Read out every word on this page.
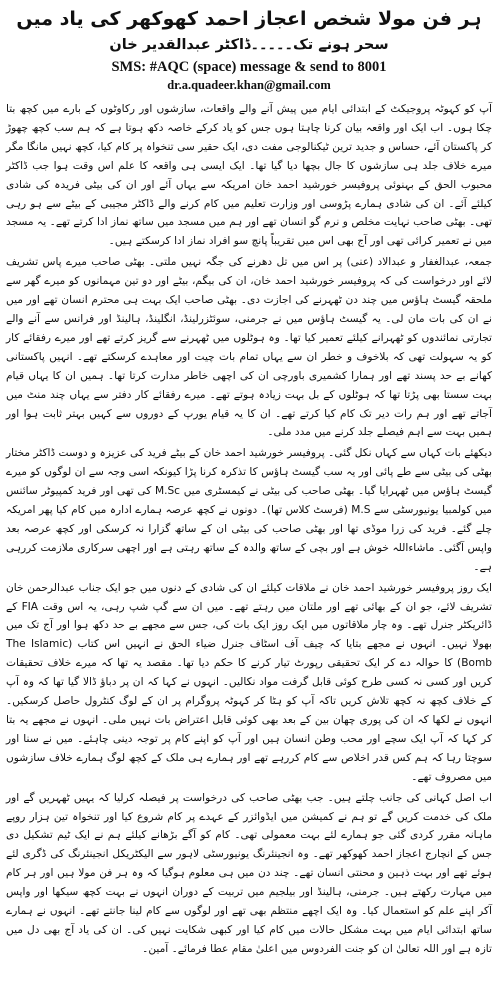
ہر فن مولا شخص اعجاز احمد کھوکھر کی یاد میں
سحر ہونے تک۔۔۔۔۔ڈاکٹر عبدالقدیر خان
SMS: #AQC (space) message & send to 8001
dr.a.quadeer.khan@gmail.com

آپ کو کہوٹہ پروجیکٹ کے ابتدائی ایام میں پیش آنے والے واقعات، سازشوں اور رکاوٹوں کے بارے میں کچھ بتا چکا ہوں۔ اب ایک اور واقعہ بیان کرنا چاہتا ہوں جس کو یاد کرکے خاصہ دکھ ہوتا ہے کہ ہم سب کچھ چھوڑ کر پاکستان آئے، حساس و جدید ترین ٹیکنالوجی مفت دی، ایک حقیر سی تنخواہ پر کام کیا، کچھ نہیں مانگا مگر میرے خلاف جلد ہی سازشوں کا جال بچھا دیا گیا تھا۔ ایک ایسی ہی واقعہ کا علم اس وقت ہوا جب ڈاکٹر محبوب الحق کے بہنوئی پروفیسر خورشید احمد خان امریکہ سے یہاں آئے اور ان کی بیٹی فریدہ کی شادی کیلئے آئے۔ ان کی شادی ہمارے پڑوسی اور وزارت تعلیم میں کام کرنے والے ڈاکٹر مجیبی کے بیٹے سے ہو رہی تھی۔ بھٹی صاحب نہایت مخلص و نرم گو انسان تھے اور ہم میں مسجد میں ساتھ نماز ادا کرتے تھے۔ یہ مسجد میں نے تعمیر کرائی تھی اور آج بھی اس میں تقریباً پانچ سو افراد نماز ادا کرسکتے ہیں۔

جمعہ، عبدالغفار و عبدالاد (عنی) پر اس میں تل دھرنے کی جگہ نہیں ملتی۔ بھٹی صاحب میرے پاس تشریف لائے اور درخواست کی کہ پروفیسر خورشید احمد خان، ان کی بیگم، بیٹے اور دو تین مہمانوں کو میرے گھر سے ملحقہ گیسٹ ہاؤس میں چند دن ٹھہرنے کی اجازت دی۔ بھٹی صاحب ایک بہت ہی محترم انسان تھے اور میں نے ان کی بات مان لی۔ یہ گیسٹ ہاؤس میں نے جرمنی، سوئٹزرلینڈ، انگلینڈ، ہالینڈ اور فرانس سے آنے والے تجارتی نمائندوں کو ٹھہرانے کیلئے تعمیر کیا تھا۔ وہ ہوٹلوں میں ٹھہرنے سے گریز کرتے تھے اور میرے رفقائے کار کو یہ سہولت تھی کہ بلاخوف و خطر ان سے یہاں تمام بات چیت اور معاہدے کرسکتے تھے۔ انہیں پاکستانی کھانے بے حد پسند تھے اور ہمارا کشمیری باورچی ان کی اچھی خاطر مدارت کرتا تھا۔ ہمیں ان کا یہاں قیام بہت سستا بھی پڑتا تھا کہ ہوٹلوں کے بل بہت زیادہ ہوتے تھے۔ میرے رفقائے کار دفتر سے یہاں چند منٹ میں آجاتے تھے اور ہم رات دیر تک کام کیا کرتے تھے۔ ان کا یہ قیام یورپ کے دوروں سے کہیں بہتر ثابت ہوا اور ہمیں بہت سے اہم فیصلے جلد کرنے میں مدد ملی۔

دیکھئے بات کہاں سے کہاں نکل گئی۔ پروفیسر خورشید احمد خان کے بیٹے فرید کی عزیزہ و دوست ڈاکٹر مختار بھٹی کی بیٹی سے طے پائی اور یہ سب گیسٹ ہاؤس کا تذکرہ کرنا پڑا کیونکہ اسی وجہ سے ان لوگوں کو میرے گیسٹ ہاؤس میں ٹھہرایا گیا۔ بھٹی صاحب کی بیٹی نے کیمسٹری میں M.Sc کی تھی اور فرید کمپیوٹر سائنس میں کولمبیا یونیورسٹی سے M.S (فرسٹ کلاس تھا)۔ دونوں نے کچھ عرصہ ہمارے ادارہ میں کام کیا پھر امریکہ چلے گئے۔ فرید کی زرا موڈی تھا اور بھٹی صاحب کی بیٹی ان کے ساتھ گزارا نہ کرسکی اور کچھ عرصہ بعد واپس آگئی۔ ماشاءاللہ خوش ہے اور بچی کے ساتھ والدہ کے ساتھ رہتی ہے اور اچھی سرکاری ملازمت کررہی ہے۔

ایک روز پروفیسر خورشید احمد خان نے ملاقات کیلئے ان کی شادی کے دنوں میں جو ایک جناب عبدالرحمن خان تشریف لائے، جو ان کے بھائی تھے اور ملتان میں رہتے تھے۔ میں ان سے گپ شپ رہی، یہ اس وقت FIA کے ڈائریکٹر جنرل تھے۔ وہ چار ملاقاتوں میں ایک روز ایک بات کی، جس سے مجھے بے حد دکھ ہوا اور آج تک میں بھولا نہیں۔ انہوں نے مجھے بتایا کہ چیف آف اسٹاف جنرل ضیاء الحق نے انہیں اس کتاب (The Islamic Bomb) کا حوالہ دے کر ایک تحقیقی رپورٹ تیار کرنے کا حکم دیا تھا۔ مقصد یہ تھا کہ میرے خلاف تحقیقات کریں اور کسی نہ کسی طرح کوئی قابل گرفت مواد نکالیں۔ انہوں نے کہا کہ ان پر دباؤ ڈالا گیا تھا کہ وہ آپ کے خلاف کچھ نہ کچھ تلاش کریں تاکہ آپ کو ہٹا کر کہوٹہ پروگرام پر ان کے لوگ کنٹرول حاصل کرسکیں۔ انہوں نے لکھا کہ ان کی پوری چھان بین کے بعد بھی کوئی قابل اعتراض بات نہیں ملی۔ انہوں نے مجھے یہ بتا کر کہا کہ آپ ایک سچے اور محب وطن انسان ہیں اور آپ کو اپنے کام پر توجہ دینی چاہئے۔ میں نے سنا اور سوچتا رہا کہ ہم کس قدر اخلاص سے کام کررہے تھے اور ہمارے ہی ملک کے کچھ لوگ ہمارے خلاف سازشوں میں مصروف تھے۔

اب اصل کہانی کی جانب چلتے ہیں۔ جب بھٹی صاحب کی درخواست پر فیصلہ کرلیا کہ یہیں ٹھہریں گے اور ملک کی خدمت کریں گے تو ہم نے کمیشن میں ایڈوائزر کے عہدے پر کام شروع کیا اور تنخواہ تین ہزار روپے ماہانہ مقرر کردی گئی جو ہمارے لئے بہت معمولی تھی۔ کام کو آگے بڑھانے کیلئے ہم نے ایک ٹیم تشکیل دی جس کے انچارج اعجاز احمد کھوکھر تھے۔ وہ انجینئرنگ یونیورسٹی لاہور سے الیکٹریکل انجینئرنگ کی ڈگری لئے ہوئے تھے اور بہت ذہین و محنتی انسان تھے۔ چند دن میں ہی معلوم ہوگیا کہ وہ ہر فن مولا ہیں اور ہر کام میں مہارت رکھتے ہیں۔ جرمنی، ہالینڈ اور بیلجیم میں تربیت کے دوران انہوں نے بہت کچھ سیکھا اور واپس آکر اپنے علم کو استعمال کیا۔ وہ ایک اچھے منتظم بھی تھے اور لوگوں سے کام لینا جانتے تھے۔ انہوں نے ہمارے ساتھ ابتدائی ایام میں بہت مشکل حالات میں کام کیا اور کبھی شکایت نہیں کی۔ ان کی یاد آج بھی دل میں تازہ ہے اور اللہ تعالیٰ ان کو جنت الفردوس میں اعلیٰ مقام عطا فرمائے۔ آمین۔
